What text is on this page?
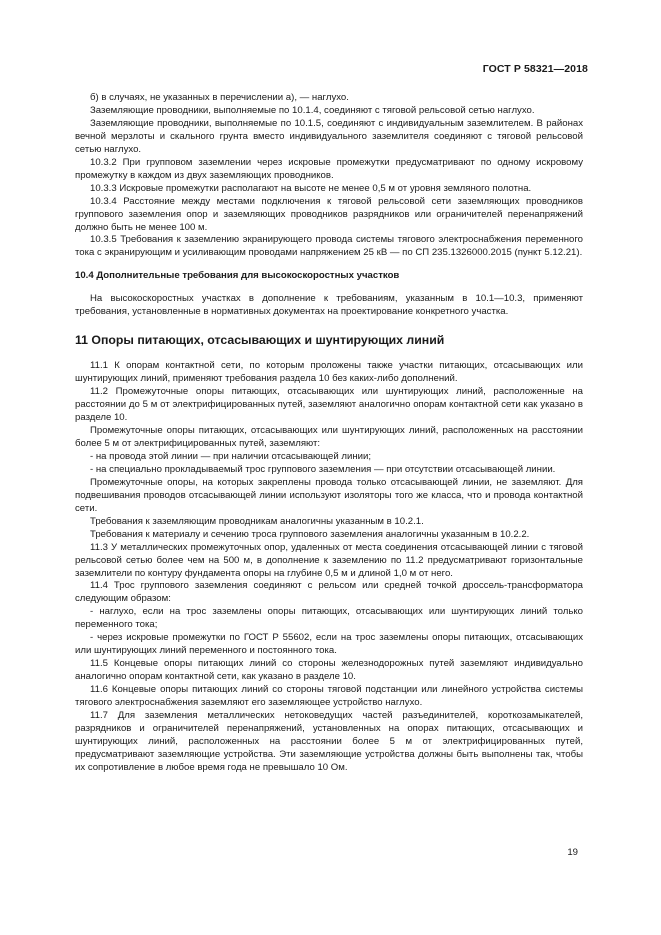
ГОСТ Р 58321—2018

б) в случаях, не указанных в перечислении а), — наглухо.

Заземляющие проводники, выполняемые по 10.1.4, соединяют с тяговой рельсовой сетью наглухо.

Заземляющие проводники, выполняемые по 10.1.5, соединяют с индивидуальным заземлителем. В районах вечной мерзлоты и скального грунта вместо индивидуального заземлителя соединяют с тяговой рельсовой сетью наглухо.

10.3.2 При групповом заземлении через искровые промежутки предусматривают по одному искровому промежутку в каждом из двух заземляющих проводников.

10.3.3 Искровые промежутки располагают на высоте не менее 0,5 м от уровня земляного полотна.

10.3.4 Расстояние между местами подключения к тяговой рельсовой сети заземляющих проводников группового заземления опор и заземляющих проводников разрядников или ограничителей перенапряжений должно быть не менее 100 м.

10.3.5 Требования к заземлению экранирующего провода системы тягового электроснабжения переменного тока с экранирующим и усиливающим проводами напряжением 25 кВ — по СП 235.1326000.2015 (пункт 5.12.21).

10.4 Дополнительные требования для высокоскоростных участков

На высокоскоростных участках в дополнение к требованиям, указанным в 10.1—10.3, применяют требования, установленные в нормативных документах на проектирование конкретного участка.

11 Опоры питающих, отсасывающих и шунтирующих линий

11.1 К опорам контактной сети, по которым проложены также участки питающих, отсасывающих или шунтирующих линий, применяют требования раздела 10 без каких-либо дополнений.

11.2 Промежуточные опоры питающих, отсасывающих или шунтирующих линий, расположенные на расстоянии до 5 м от электрифицированных путей, заземляют аналогично опорам контактной сети как указано в разделе 10.

Промежуточные опоры питающих, отсасывающих или шунтирующих линий, расположенных на расстоянии более 5 м от электрифицированных путей, заземляют:

- на провода этой линии — при наличии отсасывающей линии;

- на специально прокладываемый трос группового заземления — при отсутствии отсасывающей линии.

Промежуточные опоры, на которых закреплены провода только отсасывающей линии, не заземляют. Для подвешивания проводов отсасывающей линии используют изоляторы того же класса, что и провода контактной сети.

Требования к заземляющим проводникам аналогичны указанным в 10.2.1.

Требования к материалу и сечению троса группового заземления аналогичны указанным в 10.2.2.

11.3 У металлических промежуточных опор, удаленных от места соединения отсасывающей линии с тяговой рельсовой сетью более чем на 500 м, в дополнение к заземлению по 11.2 предусматривают горизонтальные заземлители по контуру фундамента опоры на глубине 0,5 м и длиной 1,0 м от него.

11.4 Трос группового заземления соединяют с рельсом или средней точкой дроссель-трансформатора следующим образом:

- наглухо, если на трос заземлены опоры питающих, отсасывающих или шунтирующих линий только переменного тока;

- через искровые промежутки по ГОСТ Р 55602, если на трос заземлены опоры питающих, отсасывающих или шунтирующих линий переменного и постоянного тока.

11.5 Концевые опоры питающих линий со стороны железнодорожных путей заземляют индивидуально аналогично опорам контактной сети, как указано в разделе 10.

11.6 Концевые опоры питающих линий со стороны тяговой подстанции или линейного устройства системы тягового электроснабжения заземляют его заземляющее устройство наглухо.

11.7 Для заземления металлических нетоковедущих частей разъединителей, короткозамыкателей, разрядников и ограничителей перенапряжений, установленных на опорах питающих, отсасывающих и шунтирующих линий, расположенных на расстоянии более 5 м от электрифицированных путей, предусматривают заземляющие устройства. Эти заземляющие устройства должны быть выполнены так, чтобы их сопротивление в любое время года не превышало 10 Ом.

19
